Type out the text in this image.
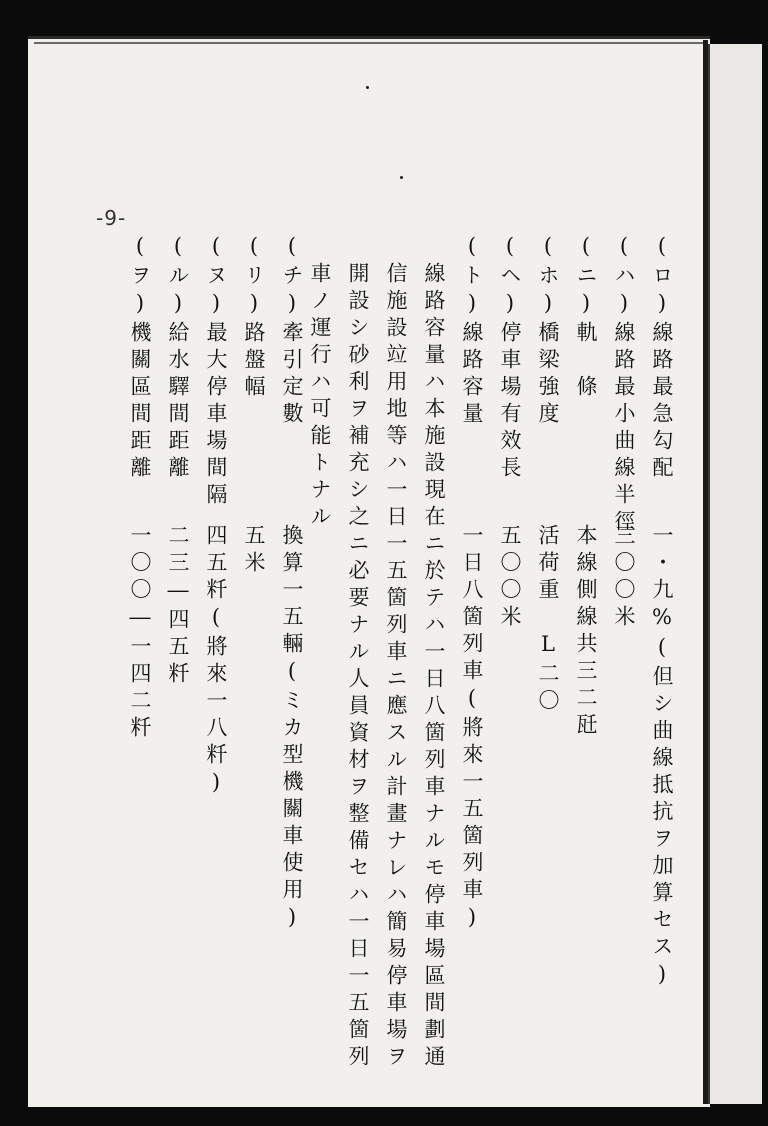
-9-
(ロ)線路最急勾配
一・九%(但シ曲線抵抗ヲ加算セス)
(ハ)線路最小曲線半徑
三〇〇米
(ニ)軌　條
本線側線共三二瓩
(ホ)橋梁強度
活荷重　L二〇
(ヘ)停車場有效長
五〇〇米
(ト)線路容量
一日八箇列車(將來一五箇列車)
線路容量ハ本施設現在ニ於テハ一日八箇列車ナルモ停車場區間劃通
信施設竝用地等ハ一日一五箇列車ニ應スル計畫ナレハ簡易停車場ヲ
開設シ砂利ヲ補充シ之ニ必要ナル人員資材ヲ整備セハ一日一五箇列
車ノ運行ハ可能トナル
(チ)牽引定數
換算一五輛(ミカ型機關車使用)
(リ)路盤幅
五米
(ヌ)最大停車場間隔
四五粁(將來一八粁)
(ル)給水驛間距離
二三―四五粁
(ヲ)機關區間距離
一〇〇―一四二粁
